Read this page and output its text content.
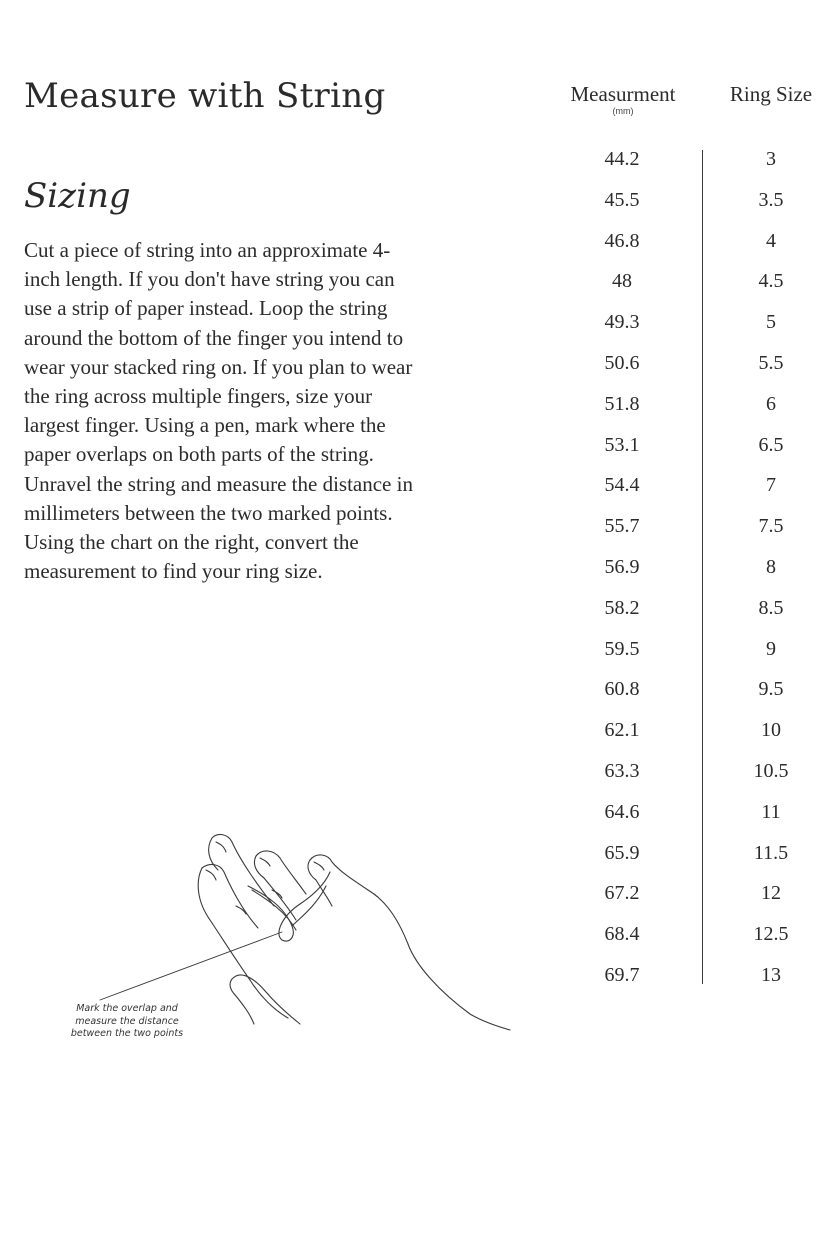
Measure with String
Sizing

Cut a piece of string into an approximate 4-inch length. If you don't have string you can use a strip of paper instead. Loop the string around the bottom of the finger you intend to wear your stacked ring on. If you plan to wear the ring across multiple fingers, size your largest finger. Using a pen, mark where the paper overlaps on both parts of the string. Unravel the string and measure the distance in millimeters between the two marked points. Using the chart on the right, convert the measurement to find your ring size.

Measurment
(mm)
Ring Size
44.2	3
45.5	3.5
46.8	4
48	4.5
49.3	5
50.6	5.5
51.8	6
53.1	6.5
54.4	7
55.7	7.5
56.9	8
58.2	8.5
59.5	9
60.8	9.5
62.1	10
63.3	10.5
64.6	11
65.9	11.5
67.2	12
68.4	12.5
69.7	13
Mark the overlap and
measure the distance
between the two points
